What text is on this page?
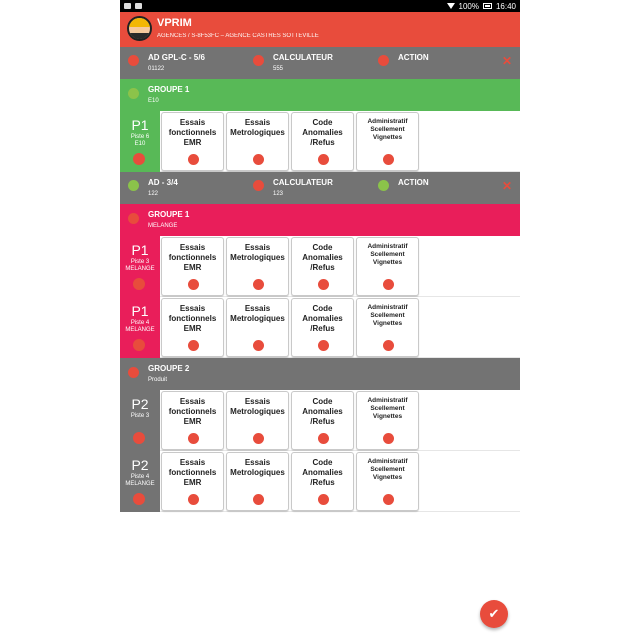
100% 16:40
VPRIM
AGENCES / S-8F53FC – AGENCE CASTRES SOTTEVILLE
AD GPL-C - 5/6
01122
CALCULATEUR
555
ACTION	✕
GROUPE 1
E10
P1
Piste 6
E10
Essais fonctionnels EMR
Essais Metrologiques
Code Anomalies /Refus
Administratif Scellement Vignettes
AD - 3/4
122
CALCULATEUR
123
ACTION	✕
GROUPE 1
MELANGE
P1
Piste 3
MELANGE
Essais fonctionnels EMR
Essais Metrologiques
Code Anomalies /Refus
Administratif Scellement Vignettes
P1
Piste 4
MELANGE
Essais fonctionnels EMR
Essais Metrologiques
Code Anomalies /Refus
Administratif Scellement Vignettes
GROUPE 2
Produit
P2
Piste 3
Essais fonctionnels EMR
Essais Metrologiques
Code Anomalies /Refus
Administratif Scellement Vignettes
P2
Piste 4
MELANGE
Essais fonctionnels EMR
Essais Metrologiques
Code Anomalies /Refus
Administratif Scellement Vignettes
✔
